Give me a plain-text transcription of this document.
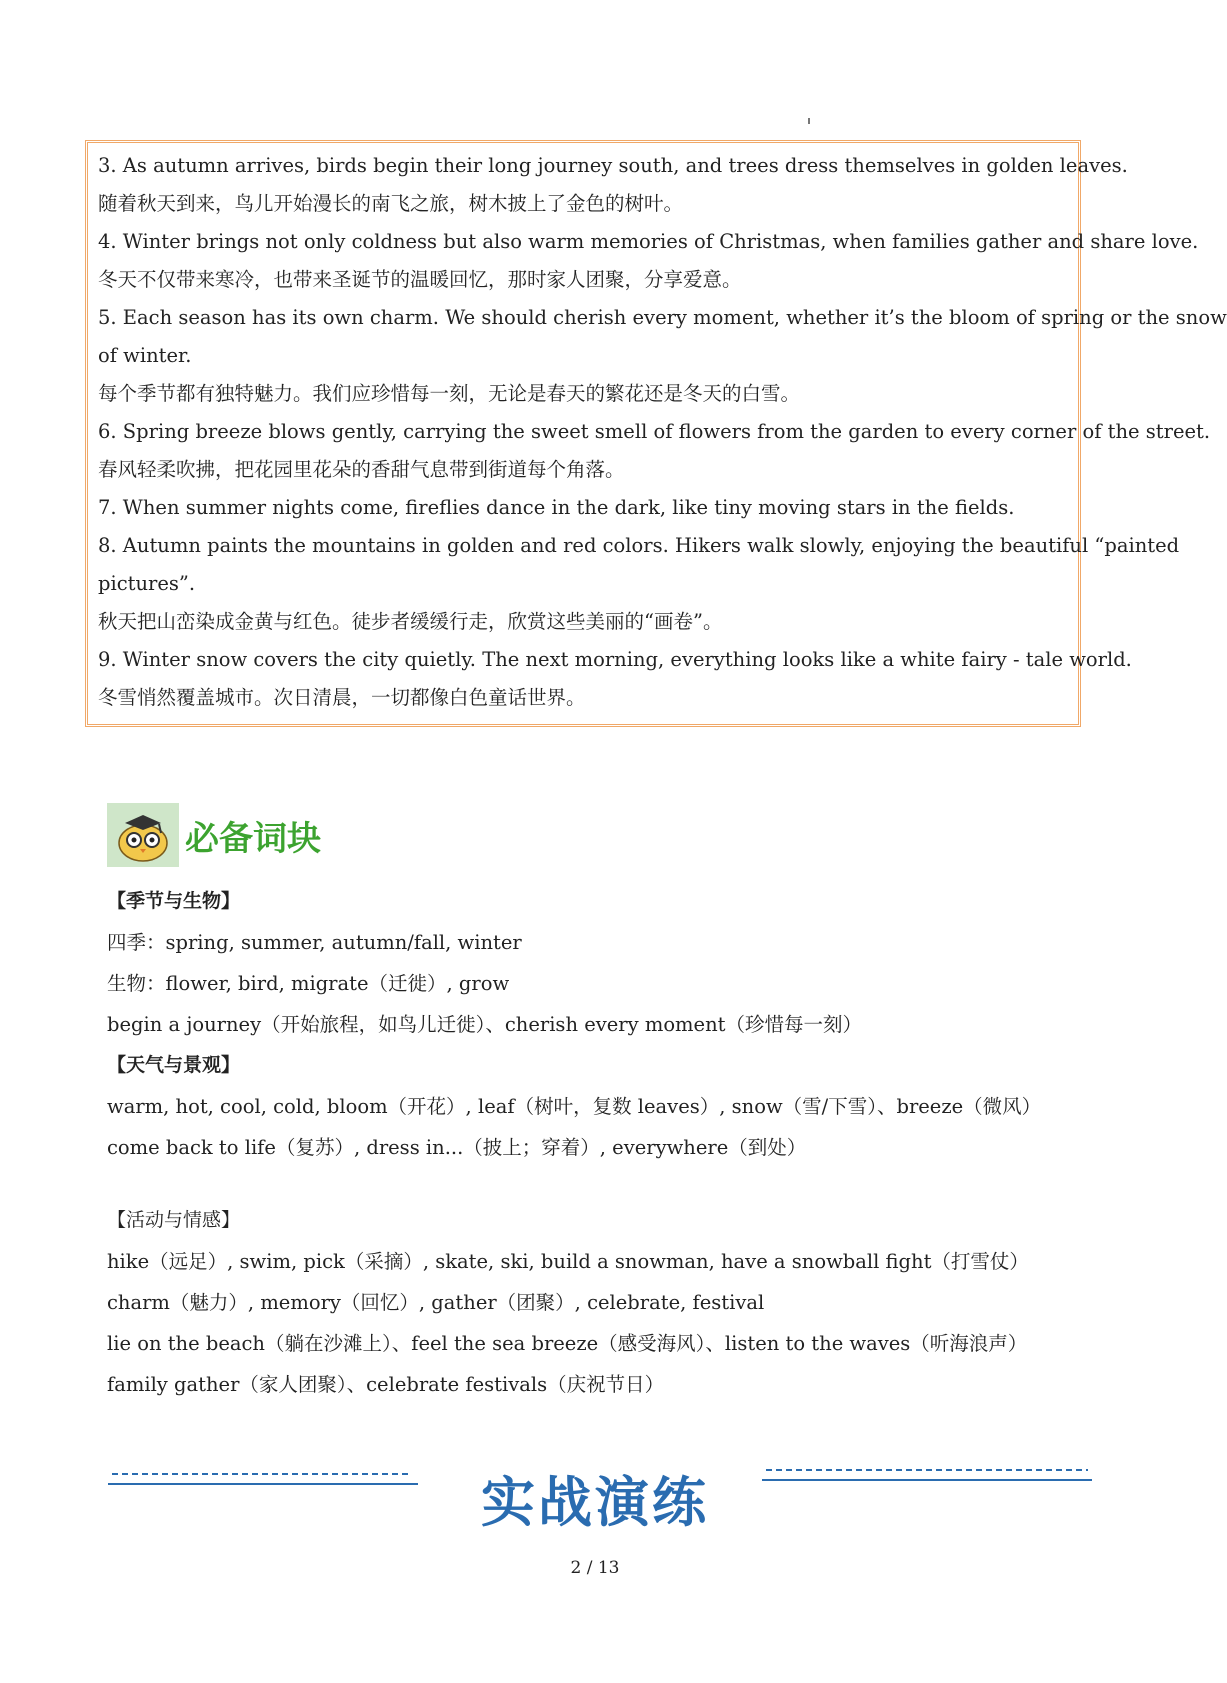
3. As autumn arrives, birds begin their long journey south, and trees dress themselves in golden leaves.

随着秋天到来，鸟儿开始漫长的南飞之旅，树木披上了金色的树叶。

4. Winter brings not only coldness but also warm memories of Christmas, when families gather and share love.

冬天不仅带来寒冷，也带来圣诞节的温暖回忆，那时家人团聚，分享爱意。

5. Each season has its own charm. We should cherish every moment, whether it’s the bloom of spring or the snow

of winter.

每个季节都有独特魅力。我们应珍惜每一刻，无论是春天的繁花还是冬天的白雪。

6. Spring breeze blows gently, carrying the sweet smell of flowers from the garden to every corner of the street.

春风轻柔吹拂，把花园里花朵的香甜气息带到街道每个角落。

7. When summer nights come, fireflies dance in the dark, like tiny moving stars in the fields.

8. Autumn paints the mountains in golden and red colors. Hikers walk slowly, enjoying the beautiful “painted

pictures”.

秋天把山峦染成金黄与红色。徒步者缓缓行走，欣赏这些美丽的“画卷”。

9. Winter snow covers the city quietly. The next morning, everything looks like a white fairy - tale world.

冬雪悄然覆盖城市。次日清晨，一切都像白色童话世界。

必备词块

【季节与生物】

四季：spring, summer, autumn/fall, winter

生物：flower, bird, migrate（迁徙）, grow

begin a journey（开始旅程，如鸟儿迁徙）、cherish every moment（珍惜每一刻）

【天气与景观】

warm, hot, cool, cold, bloom（开花）, leaf（树叶，复数 leaves）, snow（雪/下雪）、breeze（微风）

come back to life（复苏）, dress in...（披上；穿着）, everywhere（到处）

【活动与情感】

hike（远足）, swim, pick（采摘）, skate, ski, build a snowman, have a snowball fight（打雪仗）

charm（魅力）, memory（回忆）, gather（团聚）, celebrate, festival

lie on the beach（躺在沙滩上）、feel the sea breeze（感受海风）、listen to the waves（听海浪声）

family gather（家人团聚）、celebrate festivals（庆祝节日）

实战演练
2 / 13
